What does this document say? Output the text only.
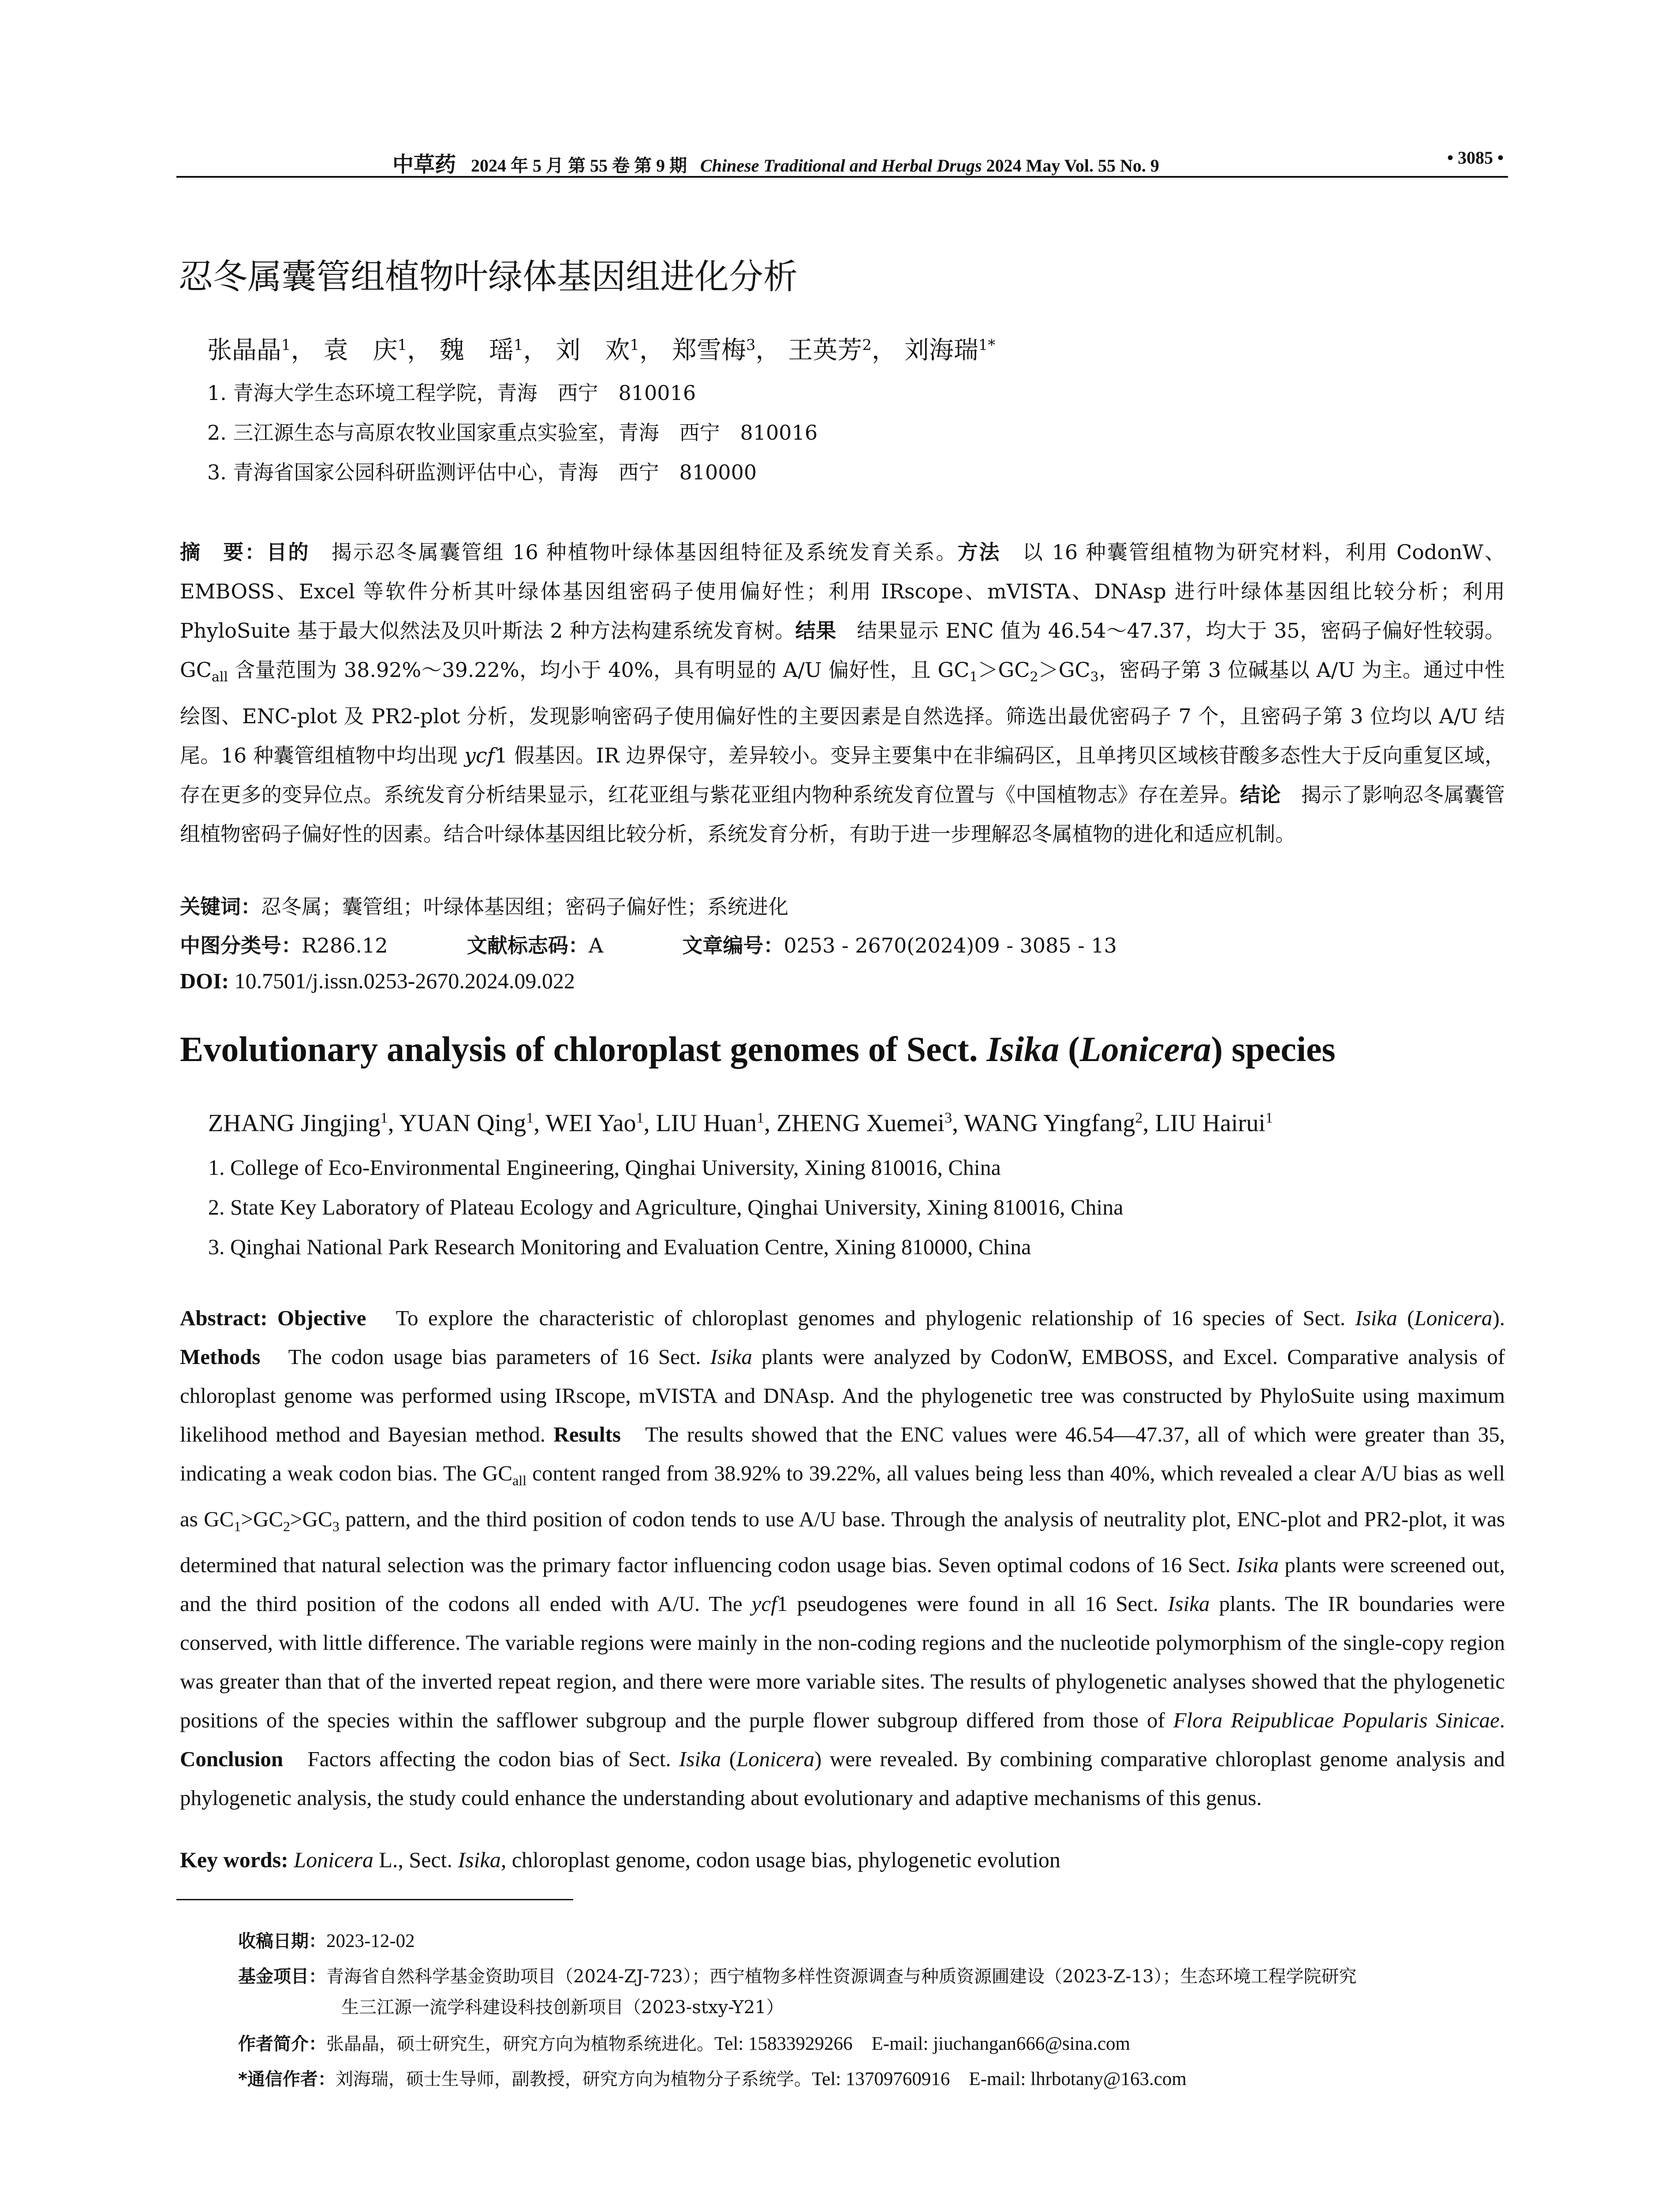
中草药 2024 年 5 月 第 55 卷 第 9 期 Chinese Traditional and Herbal Drugs 2024 May Vol. 55 No. 9	• 3085 •
忍冬属囊管组植物叶绿体基因组进化分析
张晶晶$^1$， 袁　庆$^1$， 魏　瑶$^1$， 刘　欢$^1$， 郑雪梅$^3$， 王英芳$^2$， 刘海瑞$^{1*}$
1. 青海大学生态环境工程学院，青海　西宁　810016
2. 三江源生态与高原农牧业国家重点实验室，青海　西宁　810016
3. 青海省国家公园科研监测评估中心，青海　西宁　810000
摘　要：目的　 揭示忍冬属囊管组 16 种植物叶绿体基因组特征及系统发育关系。方法　 以 16 种囊管组植物为研究材料，利用 CodonW、EMBOSS、Excel 等软件分析其叶绿体基因组密码子使用偏好性；利用 IRscope、mVISTA、DNAsp 进行叶绿体基因组比较分析；利用 PhyloSuite 基于最大似然法及贝叶斯法 2 种方法构建系统发育树。结果　 结果显示 ENC 值为 46.54～47.37，均大于 35，密码子偏好性较弱。$GC_{all}$ 含量范围为 38.92%～39.22%，均小于 40%，具有明显的 A/U 偏好性，且 $GC_1>GC_2>GC_3$，密码子第 3 位碱基以 A/U 为主。通过中性绘图、ENC-plot 及 PR2-plot 分析，发现影响密码子使用偏好性的主要因素是自然选择。筛选出最优密码子 7 个，且密码子第 3 位均以 A/U 结尾。16 种囊管组植物中均出现 ycf1 假基因。IR 边界保守，差异较小。变异主要集中在非编码区，且单拷贝区域核苷酸多态性大于反向重复区域，存在更多的变异位点。系统发育分析结果显示，红花亚组与紫花亚组内物种系统发育位置与《中国植物志》存在差异。结论　 揭示了影响忍冬属囊管组植物密码子偏好性的因素。结合叶绿体基因组比较分析，系统发育分析，有助于进一步理解忍冬属植物的进化和适应机制。
关键词：忍冬属；囊管组；叶绿体基因组；密码子偏好性；系统进化
中图分类号：R286.12	文献标志码：A	文章编号：0253 - 2670(2024)09 - 3085 - 13
DOI: 10.7501/j.issn.0253-2670.2024.09.022
Evolutionary analysis of chloroplast genomes of Sect. Isika (Lonicera) species
ZHANG Jingjing$^1$, YUAN Qing$^1$, WEI Yao$^1$, LIU Huan$^1$, ZHENG Xuemei$^3$, WANG Yingfang$^2$, LIU Hairui$^1$
1. College of Eco-Environmental Engineering, Qinghai University, Xining 810016, China
2. State Key Laboratory of Plateau Ecology and Agriculture, Qinghai University, Xining 810016, China
3. Qinghai National Park Research Monitoring and Evaluation Centre, Xining 810000, China
Abstract: Objective To explore the characteristic of chloroplast genomes and phylogenic relationship of 16 species of Sect. Isika (Lonicera). Methods The codon usage bias parameters of 16 Sect. Isika plants were analyzed by CodonW, EMBOSS, and Excel. Comparative analysis of chloroplast genome was performed using IRscope, mVISTA and DNAsp. And the phylogenetic tree was constructed by PhyloSuite using maximum likelihood method and Bayesian method. Results The results showed that the ENC values were 46.54—47.37, all of which were greater than 35, indicating a weak codon bias. The $GC_{all}$ content ranged from 38.92% to 39.22%, all values being less than 40%, which revealed a clear A/U bias as well as $GC_1>GC_2>GC_3$ pattern, and the third position of codon tends to use A/U base. Through the analysis of neutrality plot, ENC-plot and PR2-plot, it was determined that natural selection was the primary factor influencing codon usage bias. Seven optimal codons of 16 Sect. Isika plants were screened out, and the third position of the codons all ended with A/U. The ycf1 pseudogenes were found in all 16 Sect. Isika plants. The IR boundaries were conserved, with little difference. The variable regions were mainly in the non-coding regions and the nucleotide polymorphism of the single-copy region was greater than that of the inverted repeat region, and there were more variable sites. The results of phylogenetic analyses showed that the phylogenetic positions of the species within the safflower subgroup and the purple flower subgroup differed from those of Flora Reipublicae Popularis Sinicae. Conclusion Factors affecting the codon bias of Sect. Isika (Lonicera) were revealed. By combining comparative chloroplast genome analysis and phylogenetic analysis, the study could enhance the understanding about evolutionary and adaptive mechanisms of this genus.
Key words: Lonicera L., Sect. Isika, chloroplast genome, codon usage bias, phylogenetic evolution
收稿日期：2023-12-02
基金项目：青海省自然科学基金资助项目（2024-ZJ-723）；西宁植物多样性资源调查与种质资源圃建设（2023-Z-13）；生态环境工程学院研究
生三江源一流学科建设科技创新项目（2023-stxy-Y21）
作者简介：张晶晶，硕士研究生，研究方向为植物系统进化。Tel: 15833929266　E-mail: jiuchangan666@sina.com
*通信作者：刘海瑞，硕士生导师，副教授，研究方向为植物分子系统学。Tel: 13709760916　E-mail: lhrbotany@163.com
